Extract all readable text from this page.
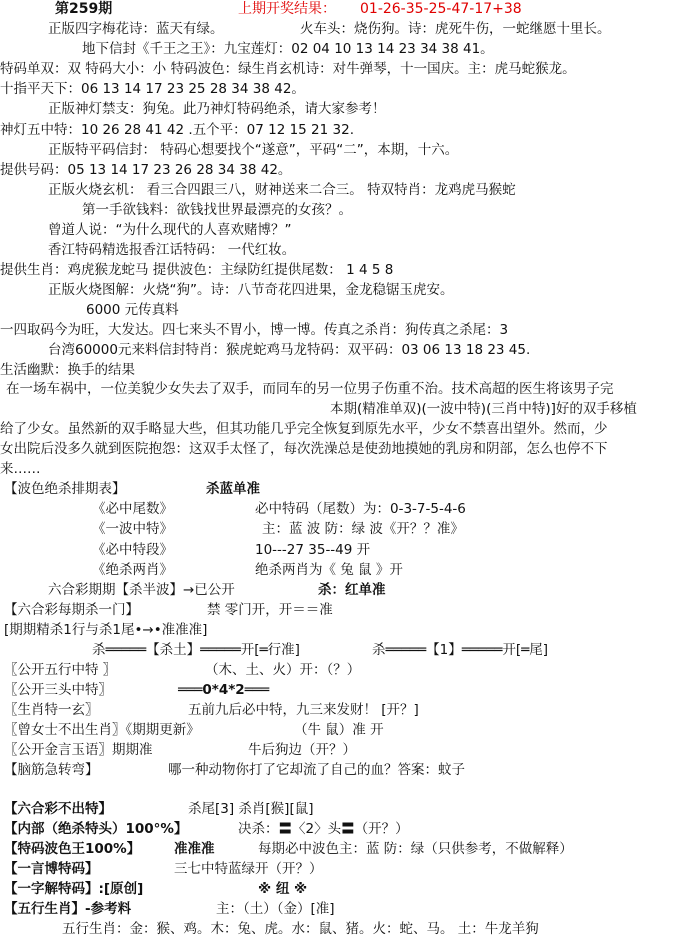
第259期	上期开奖结果： 01-26-35-25-47-17+38
正版四字梅花诗：蓝天有绿。	火车头：烧伤狗。诗：虎死牛伤，一蛇继愿十里长。
地下信封《千王之王》：九宝莲灯：02 04 10 13 14 23 34 38 41。
特码单双：双 特码大小：小 特码波色：绿生肖玄机诗：对牛弹琴，十一国庆。主：虎马蛇猴龙。
十指平天下：06 13 14 17 23 25 28 34 38 42。
正版神灯禁支：狗兔。此乃神灯特码绝杀，请大家参考！
神灯五中特：10 26 28 41 42 .五个平：07 12 15 21 32.
正版特平码信封： 特码心想要找个“遂意”，平码“二”，本期，十六。
提供号码：05 13 14 17 23 26 28 34 38 42。
正版火烧玄机： 看三合四跟三八，财神送来二合三。 特双特肖：龙鸡虎马猴蛇
第一手欲钱料：欲钱找世界最漂亮的女孩？。
曾道人说：“为什么现代的人喜欢赌博？”
香江特码精选报香江话特码： 一代红妆。
提供生肖：鸡虎猴龙蛇马 提供波色：主绿防红提供尾数： 1 4 5 8
正版火烧图解：火烧“狗”。诗：八节奇花四进果，金龙稳锯玉虎安。
6000 元传真料
一四取码今为旺，大发达。四七来头不胃小，博一博。传真之杀肖：狗传真之杀尾：3
台湾60000元来料信封特肖：猴虎蛇鸡马龙特码：双平码：03 06 13 18 23 45.
生活幽默：换手的结果
在一场车祸中，一位美貌少女失去了双手，而同车的另一位男子伤重不治。技术高超的医生将该男子完
本期(精准单双)(一波中特)(三肖中特)]好的双手移植
给了少女。虽然新的双手略显大些，但其功能几乎完全恢复到原先水平，少女不禁喜出望外。然而，少
女出院后没多久就到医院抱怨：这双手太怪了，每次洗澡总是使劲地摸她的乳房和阴部，怎么也停不下
来……
【波色绝杀排期表】	杀蓝单准
《必中尾数》	必中特码（尾数）为：0-3-7-5-4-6
《一波中特》	主：蓝 波 防：绿 波《开？？准》
《必中特段》	10---27 35--49 开
《绝杀两肖》	绝杀两肖为《 兔 鼠 》开
六合彩期期【杀半波】→已公开	杀：红单准
【六合彩每期杀一门】	禁 零门开，开＝＝准
[期期精杀1行与杀1尾•→•准准准]
杀═════【杀土】═════开[═行准]	杀═════【1】═════开[═尾]
〖公开五行中特 〗	（木、土、火）开：（？）
〖公开三头中特〗	═══0*4*2═══
〖生肖特一玄〗	五前九后必中特，九三来发财！ [开？]
〖曾女士不出生肖〗《期期更新》	（牛 鼠）准 开
〖公开金言玉语〗期期准	牛后狗边（开？）
【脑筋急转弯】	哪一种动物你打了它却流了自己的血？答案：蚊子
【六合彩不出特】	杀尾[3] 杀肖[猴][鼠]
【内部（绝杀特头）100°%】	决杀：〓〈2〉头〓（开？）
【特码波色王100%】	准准准	每期必中波色主：蓝 防：绿（只供参考，不做解释）
【一言博特码】	三七中特蓝绿开（开？）
【一字解特码】:[原创]	※ 纽 ※
【五行生肖】-参考料	主：（土）（金）[准]
五行生肖：金：猴、鸡。木：兔、虎。水：鼠、猪。火：蛇、马。 土：牛龙羊狗
